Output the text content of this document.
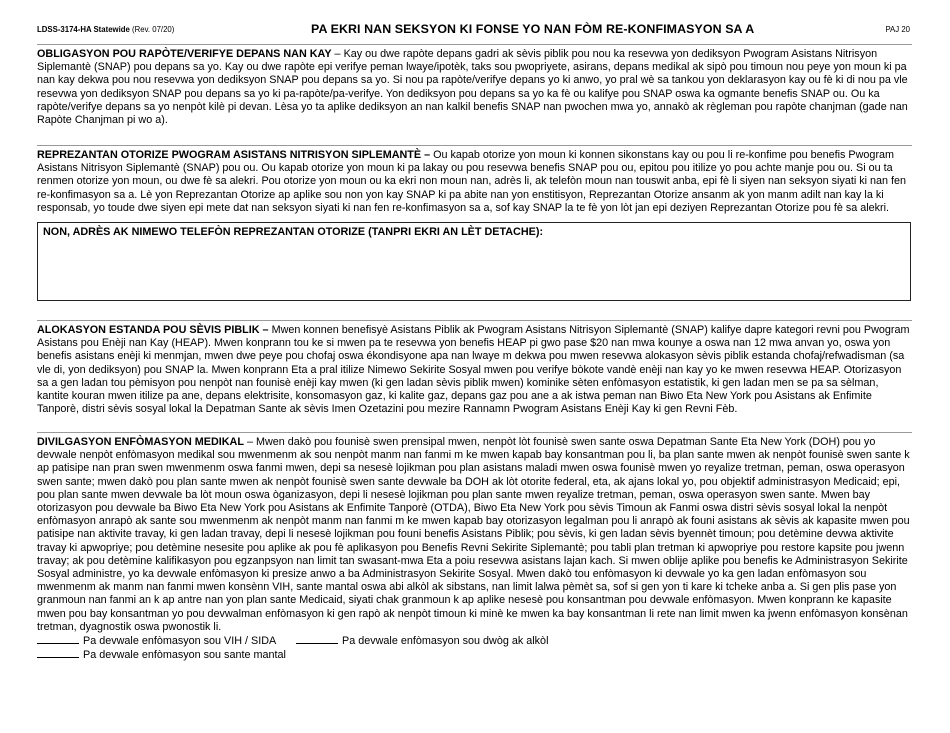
LDSS-3174-HA Statewide (Rev. 07/20)	PA EKRI NAN SEKSYON KI FONSE YO NAN FÒM RE-KONFIMASYON SA A	PAJ 20

OBLIGASYON POU RAPÒTE/VERIFYE DEPANS NAN KAY – Kay ou dwe rapòte depans gadri ak sèvis piblik pou nou ka resevwa yon dediksyon Pwogram Asistans Nitrisyon Siplemantè (SNAP) pou depans sa yo. Kay ou dwe rapòte epi verifye peman lwaye/ipotèk, taks sou pwopriyete, asirans, depans medikal ak sipò pou timoun nou peye yon moun ki pa nan kay dekwa pou nou resevwa yon dediksyon SNAP pou depans sa yo. Si nou pa rapòte/verifye depans yo ki anwo, yo pral wè sa tankou yon deklarasyon kay ou fè ki di nou pa vle resevwa yon dediksyon SNAP pou depans sa yo ki pa-rapòte/pa-verifye. Yon dediksyon pou depans sa yo ka fè ou kalifye pou SNAP oswa ka ogmante benefis SNAP ou. Ou ka rapòte/verifye depans sa yo nenpòt kilè pi devan. Lèsa yo ta aplike dediksyon an nan kalkil benefis SNAP nan pwochen mwa yo, annakò ak règleman pou rapòte chanjman (gade nan Rapòte Chanjman pi wo a).

REPREZANTAN OTORIZE PWOGRAM ASISTANS NITRISYON SIPLEMANTÈ – Ou kapab otorize yon moun ki konnen sikonstans kay ou pou li re-konfime pou benefis Pwogram Asistans Nitrisyon Siplemantè (SNAP) pou ou. Ou kapab otorize yon moun ki pa lakay ou pou resevwa benefis SNAP pou ou, epitou pou itilize yo pou achte manje pou ou. Si ou ta renmen otorize yon moun, ou dwe fè sa alekri. Pou otorize yon moun ou ka ekri non moun nan, adrès li, ak telefòn moun nan touswit anba, epi fè li siyen nan seksyon siyati ki nan fen re-konfimasyon sa a. Lè yon Reprezantan Otorize ap aplike sou non yon kay SNAP ki pa abite nan yon enstitisyon, Reprezantan Otorize ansanm ak yon manm adilt nan kay la ki responsab, yo toude dwe siyen epi mete dat nan seksyon siyati ki nan fen re-konfimasyon sa a, sof kay SNAP la te fè yon lòt jan epi deziyen Reprezantan Otorize pou fè sa alekri.

NON, ADRÈS AK NIMEWO TELEFÒN REPREZANTAN OTORIZE (TANPRI EKRI AN LÈT DETACHE):

ALOKASYON ESTANDA POU SÈVIS PIBLIK – Mwen konnen benefisyè Asistans Piblik ak Pwogram Asistans Nitrisyon Siplemantè (SNAP) kalifye dapre kategori revni pou Pwogram Asistans pou Enèji nan Kay (HEAP). Mwen konprann tou ke si mwen pa te resevwa yon benefis HEAP pi gwo pase $20 nan mwa kounye a oswa nan 12 mwa anvan yo, oswa yon benefis asistans enèji ki menmjan, mwen dwe peye pou chofaj oswa ékondisyone apa nan lwaye m dekwa pou mwen resevwa alokasyon sèvis piblik estanda chofaj/refwadisman (sa vle di, yon dediksyon) pou SNAP la. Mwen konprann Eta a pral itilize Nimewo Sekirite Sosyal mwen pou verifye bòkote vandè enèji nan kay yo ke mwen resevwa HEAP. Otorizasyon sa a gen ladan tou pèmisyon pou nenpòt nan founisè enèji kay mwen (ki gen ladan sèvis piblik mwen) kominike sèten enfòmasyon estatistik, ki gen ladan men se pa sa sèlman, kantite kouran mwen itilize pa ane, depans elektrisite, konsomasyon gaz, ki kalite gaz, depans gaz pou ane a ak istwa peman nan Biwo Eta New York pou Asistans ak Enfimite Tanporè, distri sèvis sosyal lokal la Depatman Sante ak sèvis Imen Ozetazini pou mezire Rannamn Pwogram Asistans Enèji Kay ki gen Revni Fèb.

DIVILGASYON ENFÒMASYON MEDIKAL – Mwen dakò pou founisè swen prensipal mwen, nenpòt lòt founisè swen sante oswa Depatman Sante Eta New York (DOH) pou yo devwale nenpòt enfòmasyon medikal sou mwenmenm ak sou nenpòt manm nan fanmi m ke mwen kapab bay konsantman pou li, ba plan sante mwen ak nenpòt founisè swen sante k ap patisipe nan pran swen mwenmenm oswa fanmi mwen, depi sa nesesè lojikman pou plan asistans maladi mwen oswa founisè mwen yo reyalize tretman, peman, oswa operasyon swen sante; mwen dakò pou plan sante mwen ak nenpòt founisè swen sante devwale ba DOH ak lòt otorite federal, eta, ak ajans lokal yo, pou objektif administrasyon Medicaid; epi, pou plan sante mwen devwale ba lòt moun oswa òganizasyon, depi li nesesè lojikman pou plan sante mwen reyalize tretman, peman, oswa operasyon swen sante. Mwen bay otorizasyon pou devwale ba Biwo Eta New York pou Asistans ak Enfimite Tanporè (OTDA), Biwo Eta New York pou sèvis Timoun ak Fanmi oswa distri sèvis sosyal lokal la nenpòt enfòmasyon anrapò ak sante sou mwenmenm ak nenpòt manm nan fanmi m ke mwen kapab bay otorizasyon legalman pou li anrapò ak founi asistans ak sèvis ak kapasite mwen pou patisipe nan aktivite travay, ki gen ladan travay, depi li nesesè lojikman pou founi benefis Asistans Piblik; pou sèvis, ki gen ladan sèvis byennèt timoun; pou detèmine devwa aktivite travay ki apwopriye; pou detèmine nesesite pou aplike ak pou fè aplikasyon pou Benefis Revni Sekirite Siplemantè; pou tabli plan tretman ki apwopriye pou restore kapsite pou jwenn travay; ak pou detèmine kalifikasyon pou egzanpsyon nan limit tan swasant-mwa Eta a poiu resevwa asistans lajan kach. Si mwen oblije aplike pou benefis ke Administrasyon Sekirite Sosyal administre, yo ka devwale enfòmasyon ki presize anwo a ba Administrasyon Sekirite Sosyal. Mwen dakò tou enfòmasyon ki devwale yo ka gen ladan enfòmasyon sou mwenmenm ak manm nan fanmi mwen konsènn VIH, sante mantal oswa abi alkòl ak sibstans, nan limit lalwa pèmèt sa, sof si gen yon ti kare ki tcheke anba a. Si gen plis pase yon granmoun nan fanmi an k ap antre nan yon plan sante Medicaid, siyati chak granmoun k ap aplike nesesè pou konsantman pou devwale enfòmasyon. Mwen konprann ke kapasite mwen pou bay konsantman yo pou devwalman enfòmasyon ki gen rapò ak nenpòt timoun ki minè ke mwen ka bay konsantman li rete nan limit mwen ka jwenn enfòmasyon konsènan tretman, dyagnostik oswa pwonostik li.

Pa devwale enfòmasyon sou VIH / SIDA	Pa devwale enfòmasyon sou dwòg ak alkòl
Pa devwale enfòmasyon sou sante mantal
